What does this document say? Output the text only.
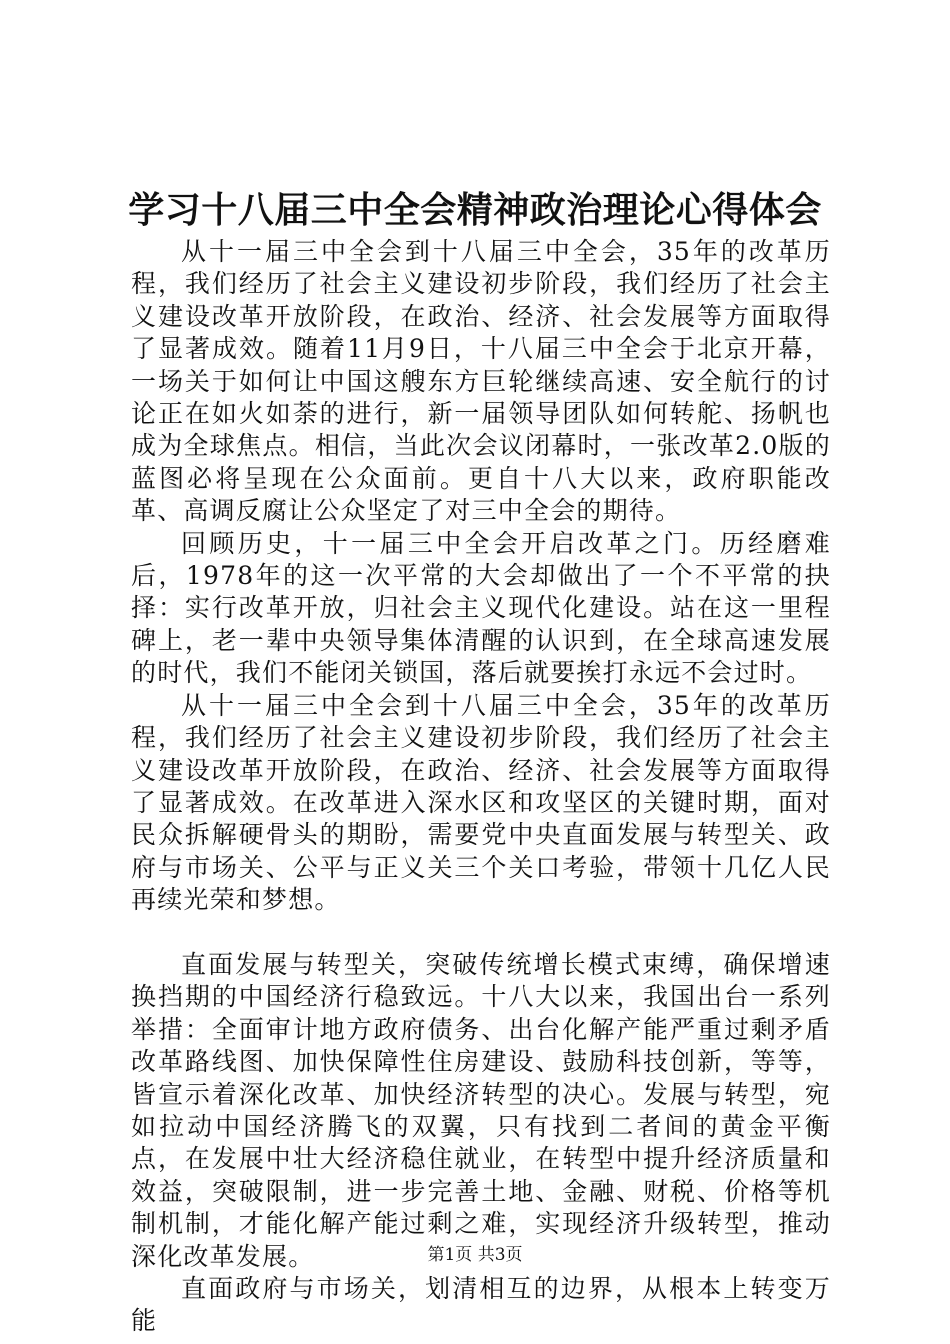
学习十八届三中全会精神政治理论心得体会

从十一届三中全会到十八届三中全会，35年的改革历程，我们经历了社会主义建设初步阶段，我们经历了社会主义建设改革开放阶段，在政治、经济、社会发展等方面取得了显著成效。随着11月9日，十八届三中全会于北京开幕，一场关于如何让中国这艘东方巨轮继续高速、安全航行的讨论正在如火如荼的进行，新一届领导团队如何转舵、扬帆也成为全球焦点。相信，当此次会议闭幕时，一张改革2.0版的蓝图必将呈现在公众面前。更自十八大以来，政府职能改革、高调反腐让公众坚定了对三中全会的期待。

回顾历史，十一届三中全会开启改革之门。历经磨难后，1978年的这一次平常的大会却做出了一个不平常的抉择：实行改革开放，归社会主义现代化建设。站在这一里程碑上，老一辈中央领导集体清醒的认识到，在全球高速发展的时代，我们不能闭关锁国，落后就要挨打永远不会过时。

从十一届三中全会到十八届三中全会，35年的改革历程，我们经历了社会主义建设初步阶段，我们经历了社会主义建设改革开放阶段，在政治、经济、社会发展等方面取得了显著成效。在改革进入深水区和攻坚区的关键时期，面对民众拆解硬骨头的期盼，需要党中央直面发展与转型关、政府与市场关、公平与正义关三个关口考验，带领十几亿人民再续光荣和梦想。

直面发展与转型关，突破传统增长模式束缚，确保增速换挡期的中国经济行稳致远。十八大以来，我国出台一系列举措：全面审计地方政府债务、出台化解产能严重过剩矛盾改革路线图、加快保障性住房建设、鼓励科技创新，等等，皆宣示着深化改革、加快经济转型的决心。发展与转型，宛如拉动中国经济腾飞的双翼，只有找到二者间的黄金平衡点，在发展中壮大经济稳住就业，在转型中提升经济质量和效益，突破限制，进一步完善土地、金融、财税、价格等机制机制，才能化解产能过剩之难，实现经济升级转型，推动深化改革发展。

直面政府与市场关，划清相互的边界，从根本上转变万能

第1页 共3页
